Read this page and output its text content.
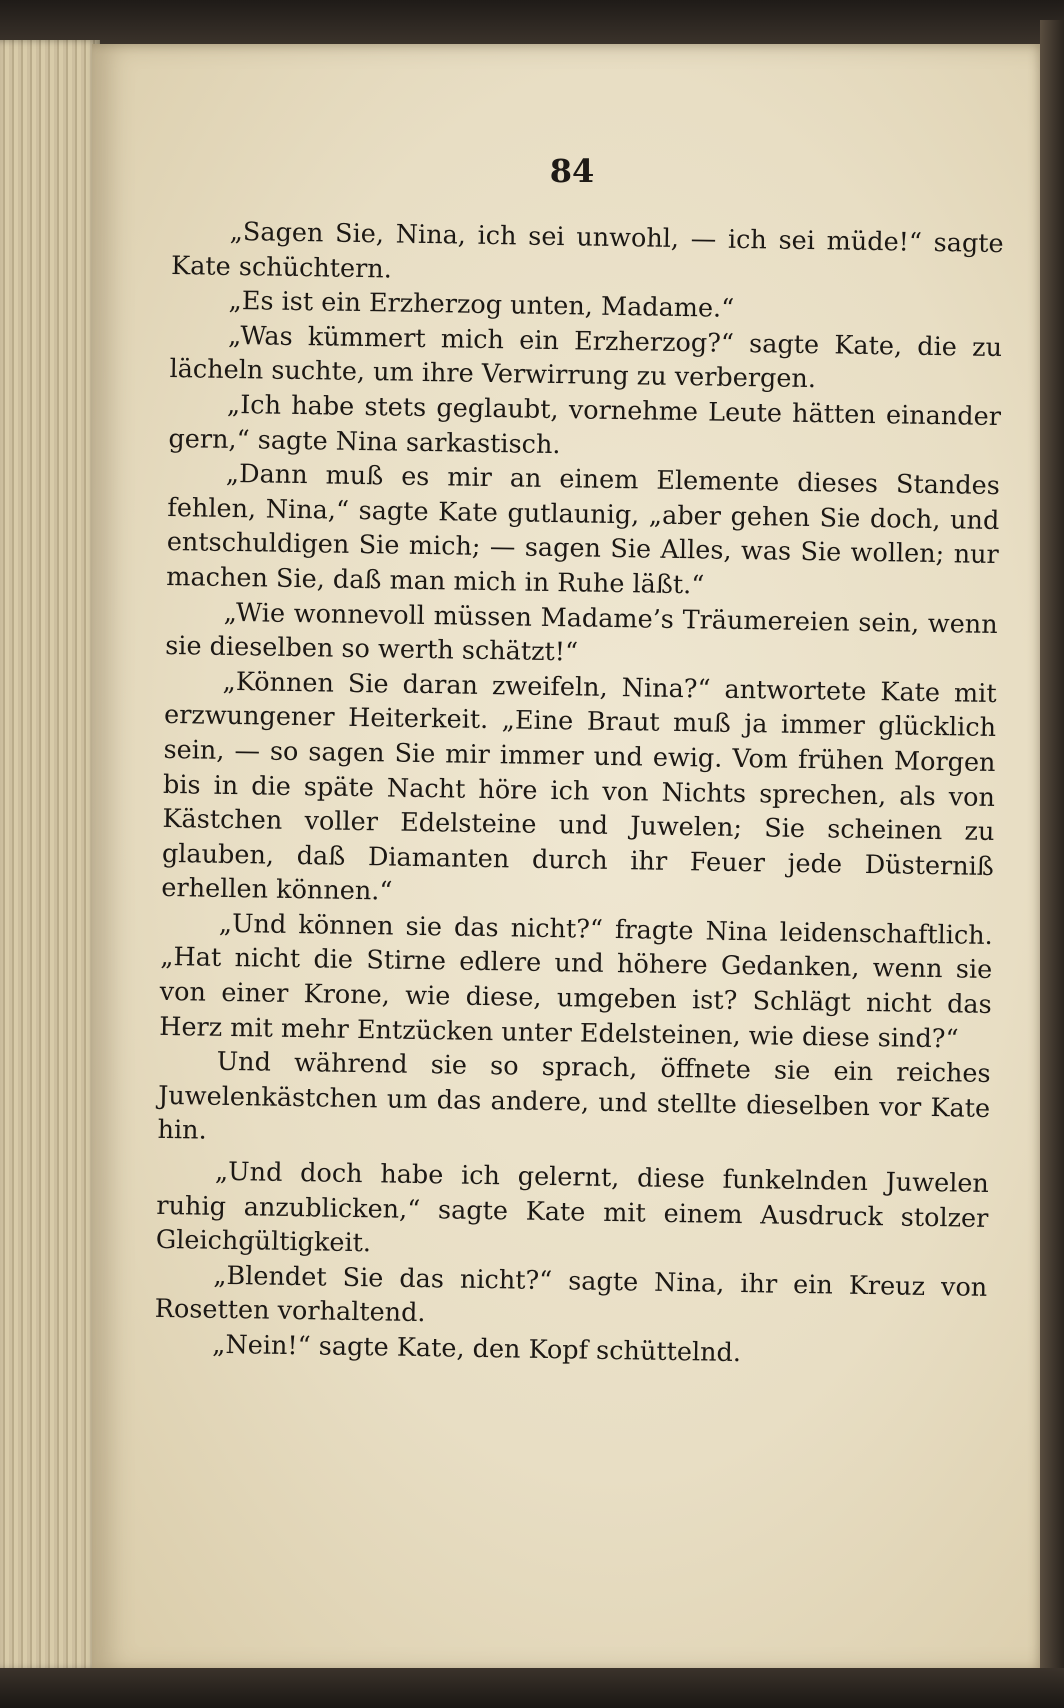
84

„Sagen Sie, Nina, ich sei unwohl, — ich sei müde!“ sagte Kate schüchtern.

„Es ist ein Erzherzog unten, Madame.“

„Was kümmert mich ein Erzherzog?“ sagte Kate, die zu lächeln suchte, um ihre Verwirrung zu verbergen.

„Ich habe stets geglaubt, vornehme Leute hätten einander gern,“ sagte Nina sarkastisch.

„Dann muß es mir an einem Elemente dieses Standes fehlen, Nina,“ sagte Kate gutlaunig, „aber gehen Sie doch, und entschuldigen Sie mich; — sagen Sie Alles, was Sie wollen; nur machen Sie, daß man mich in Ruhe läßt.“

„Wie wonnevoll müssen Madame’s Träumereien sein, wenn sie dieselben so werth schätzt!“

„Können Sie daran zweifeln, Nina?“ antwortete Kate mit erzwungener Heiterkeit. „Eine Braut muß ja immer glücklich sein, — so sagen Sie mir immer und ewig. Vom frühen Morgen bis in die späte Nacht höre ich von Nichts sprechen, als von Kästchen voller Edelsteine und Juwelen; Sie scheinen zu glauben, daß Diamanten durch ihr Feuer jede Düsterniß erhellen können.“

„Und können sie das nicht?“ fragte Nina leidenschaftlich. „Hat nicht die Stirne edlere und höhere Gedanken, wenn sie von einer Krone, wie diese, umgeben ist? Schlägt nicht das Herz mit mehr Entzücken unter Edelsteinen, wie diese sind?“

Und während sie so sprach, öffnete sie ein reiches Juwelenkästchen um das andere, und stellte dieselben vor Kate hin.

„Und doch habe ich gelernt, diese funkelnden Juwelen ruhig anzublicken,“ sagte Kate mit einem Ausdruck stolzer Gleichgültigkeit.

„Blendet Sie das nicht?“ sagte Nina, ihr ein Kreuz von Rosetten vorhaltend.

„Nein!“ sagte Kate, den Kopf schüttelnd.
